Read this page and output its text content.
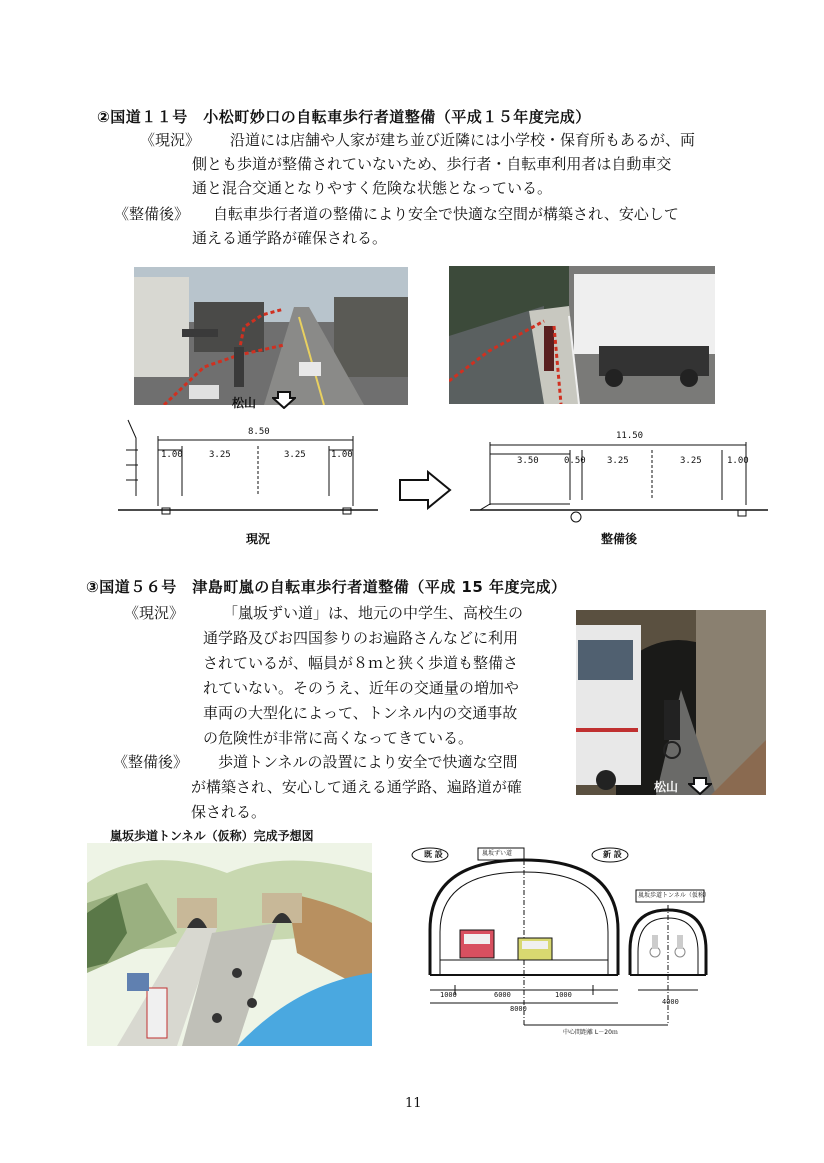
②国道１１号　小松町妙口の自転車歩行者道整備（平成１５年度完成）
《現況》 沿道には店舗や人家が建ち並び近隣には小学校・保育所もあるが、両
側とも歩道が整備されていないため、歩行者・自転車利用者は自動車交
通と混合交通となりやすく危険な状態となっている。
《整備後》 自転車歩行者道の整備により安全で快適な空間が構築され、安心して
通える通学路が確保される。
松山
8.50
1.00	3.25	3.25	1.00
現況
11.50
3.50	0.50 3.25	3.25	1.00
整備後
③国道５６号　津島町嵐の自転車歩行者道整備（平成 15 年度完成）
《現況》	「嵐坂ずい道」は、地元の中学生、高校生の
通学路及びお四国参りのお遍路さんなどに利用
されているが、幅員が８ｍと狭く歩道も整備さ
れていない。そのうえ、近年の交通量の増加や
車両の大型化によって、トンネル内の交通事故
の危険性が非常に高くなってきている。
《整備後》 歩道トンネルの設置により安全で快適な空間
が構築され、安心して通える通学路、遍路道が確
保される。
松山
嵐坂歩道トンネル（仮称）完成予想図
既 設	新 設
嵐坂ずい道
嵐坂歩道トンネル（仮称）
1000	6000	1000
8000
4000
中心間距離 L－20ｍ
11
